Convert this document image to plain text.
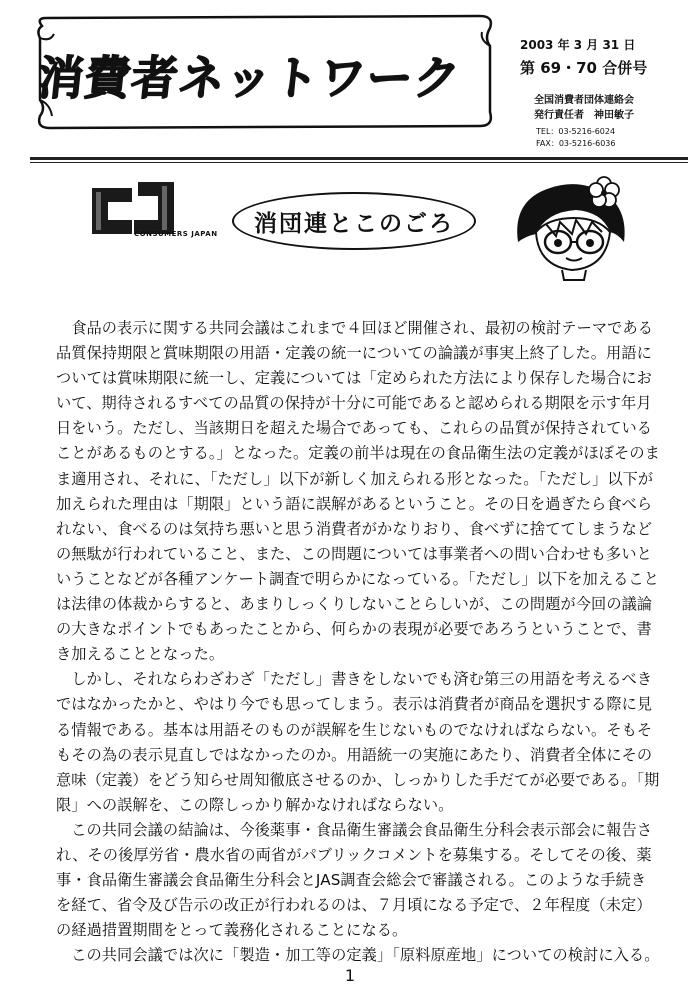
消費者ネットワーク
2003 年 3 月 31 日
第 69・70 合併号
全国消費者団体連絡会
発行責任者　神田敏子
TEL：03-5216-6024
FAX：03-5216-6036
CONSUMERS JAPAN 消団連とこのごろ

食品の表示に関する共同会議はこれまで４回ほど開催され、最初の検討テーマである品質保持期限と賞味期限の用語・定義の統一についての論議が事実上終了した。用語については賞味期限に統一し、定義については「定められた方法により保存した場合において、期待されるすべての品質の保持が十分に可能であると認められる期限を示す年月日をいう。ただし、当該期日を超えた場合であっても、これらの品質が保持されていることがあるものとする。」となった。定義の前半は現在の食品衛生法の定義がほぼそのまま適用され、それに、「ただし」以下が新しく加えられる形となった。「ただし」以下が加えられた理由は「期限」という語に誤解があるということ。その日を過ぎたら食べられない、食べるのは気持ち悪いと思う消費者がかなりおり、食べずに捨ててしまうなどの無駄が行われていること、また、この問題については事業者への問い合わせも多いということなどが各種アンケート調査で明らかになっている。「ただし」以下を加えることは法律の体裁からすると、あまりしっくりしないことらしいが、この問題が今回の議論の大きなポイントでもあったことから、何らかの表現が必要であろうということで、書き加えることとなった。

しかし、それならわざわざ「ただし」書きをしないでも済む第三の用語を考えるべきではなかったかと、やはり今でも思ってしまう。表示は消費者が商品を選択する際に見る情報である。基本は用語そのものが誤解を生じないものでなければならない。そもそもその為の表示見直しではなかったのか。用語統一の実施にあたり、消費者全体にその意味（定義）をどう知らせ周知徹底させるのか、しっかりした手だてが必要である。「期限」への誤解を、この際しっかり解かなければならない。

この共同会議の結論は、今後薬事・食品衛生審議会食品衛生分科会表示部会に報告され、その後厚労省・農水省の両省がパブリックコメントを募集する。そしてその後、薬事・食品衛生審議会食品衛生分科会とJAS調査会総会で審議される。このような手続きを経て、省令及び告示の改正が行われるのは、７月頃になる予定で、２年程度（未定）の経過措置期間をとって義務化されることになる。

この共同会議では次に「製造・加工等の定義」「原料原産地」についての検討に入る。

1
